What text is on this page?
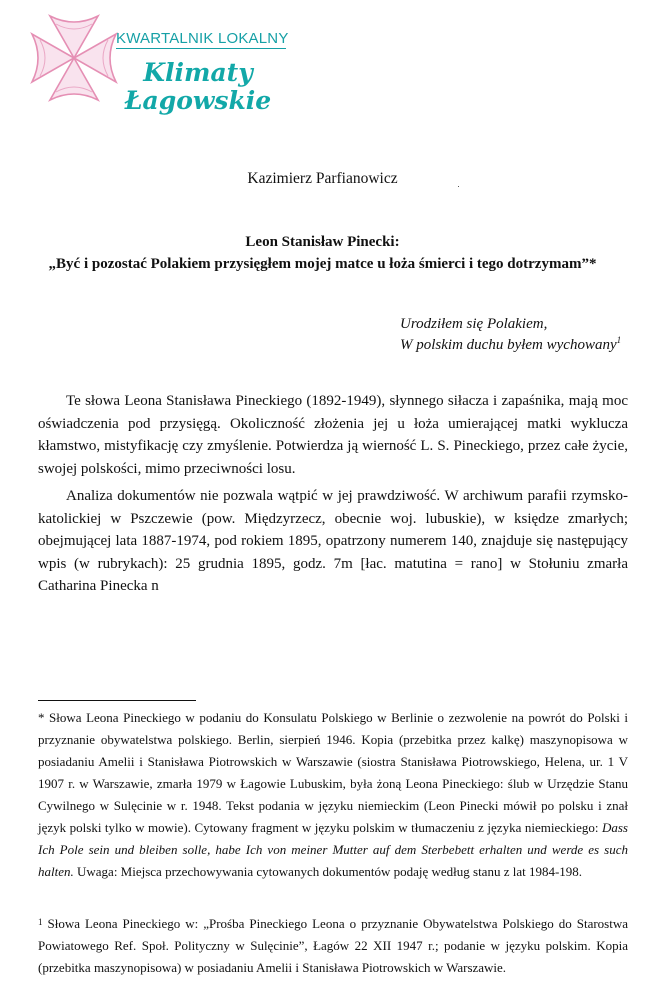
KWARTALNIK LOKALNY
Klimaty
Łagowskie
Kazimierz Parfianowicz
Leon Stanisław Pinecki:
„Być i pozostać Polakiem przysięgłem mojej matce u łoża śmierci i tego dotrzymam”*
Urodziłem się Polakiem,
W polskim duchu byłem wychowany$^1$

Te słowa Leona Stanisława Pineckiego (1892-1949), słynnego siłacza i zapaśnika, mają moc oświadczenia pod przysięgą. Okoliczność złożenia jej u łoża umierającej matki wyklucza kłamstwo, mistyfikację czy zmyślenie. Potwierdza ją wierność L. S. Pineckiego, przez całe życie, swojej polskości, mimo przeciwności losu.

Analiza dokumentów nie pozwala wątpić w jej prawdziwość. W archiwum parafii rzymsko-katolickiej w Pszczewie (pow. Międzyrzecz, obecnie woj. lubuskie), w księdze zmarłych; obejmującej lata 1887-1974, pod rokiem 1895, opatrzony numerem 140, znajduje się następujący wpis (w rubrykach): 25 grudnia 1895, godz. 7m [łac. matutina = rano] w Stołuniu zmarła Catharina Pinecka n

* Słowa Leona Pineckiego w podaniu do Konsulatu Polskiego w Berlinie o zezwolenie na powrót do Polski i przyznanie obywatelstwa polskiego. Berlin, sierpień 1946. Kopia (przebitka przez kalkę) maszynopisowa w posiadaniu Amelii i Stanisława Piotrowskich w Warszawie (siostra Stanisława Piotrowskiego, Helena, ur. 1 V 1907 r. w Warszawie, zmarła 1979 w Łagowie Lubuskim, była żoną Leona Pineckiego: ślub w Urzędzie Stanu Cywilnego w Sulęcinie w r. 1948. Tekst podania w języku niemieckim (Leon Pinecki mówił po polsku i znał język polski tylko w mowie). Cytowany fragment w języku polskim w tłumaczeniu z języka niemieckiego: Dass Ich Pole sein und bleiben solle, habe Ich von meiner Mutter auf dem Sterbebett erhalten und werde es such halten. Uwaga: Miejsca przechowywania cytowanych dokumentów podaję według stanu z lat 1984-198.
$^1$ Słowa Leona Pineckiego w: „Prośba Pineckiego Leona o przyznanie Obywatelstwa Polskiego do Starostwa Powiatowego Ref. Społ. Polityczny w Sulęcinie”, Łagów 22 XII 1947 r.; podanie w języku polskim. Kopia (przebitka maszynopisowa) w posiadaniu Amelii i Stanisława Piotrowskich w Warszawie.
